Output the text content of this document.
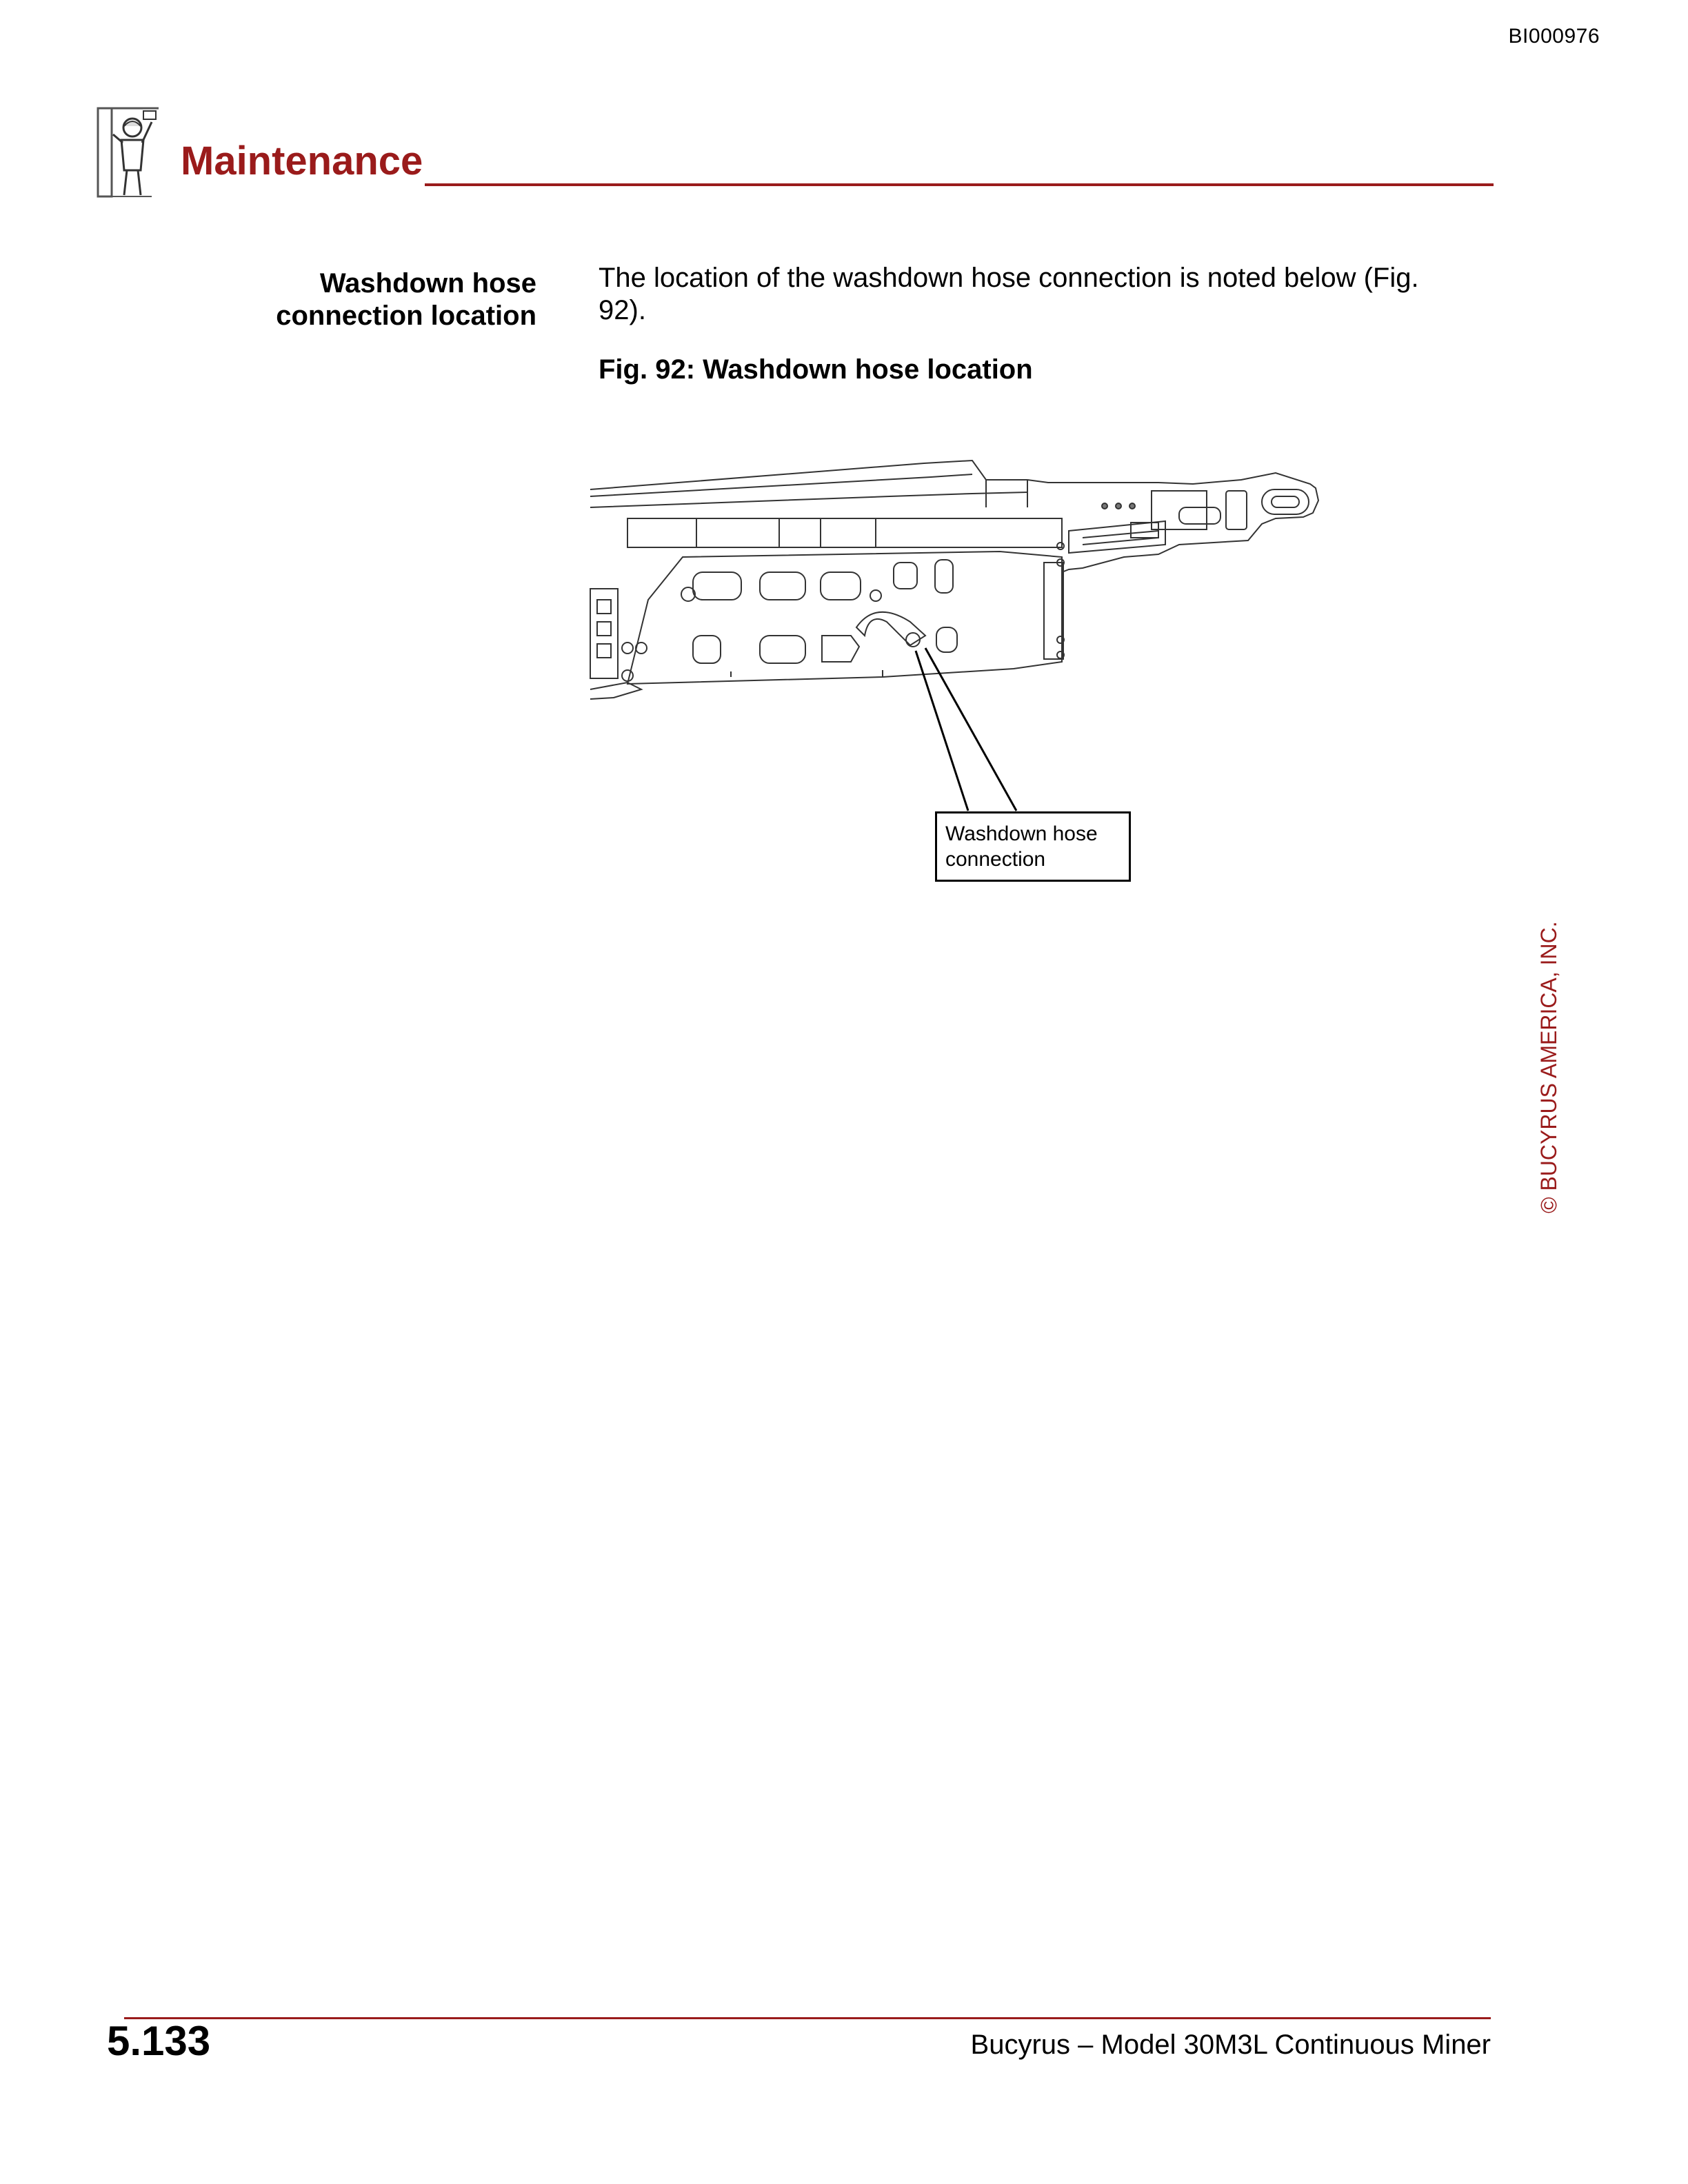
BI000976
Maintenance
Washdown hose connection location
The location of the washdown hose connection is noted below (Fig. 92).
Fig. 92: Washdown hose location
Washdown hose connection
© BUCYRUS AMERICA, INC.
5.133	Bucyrus – Model 30M3L Continuous Miner
